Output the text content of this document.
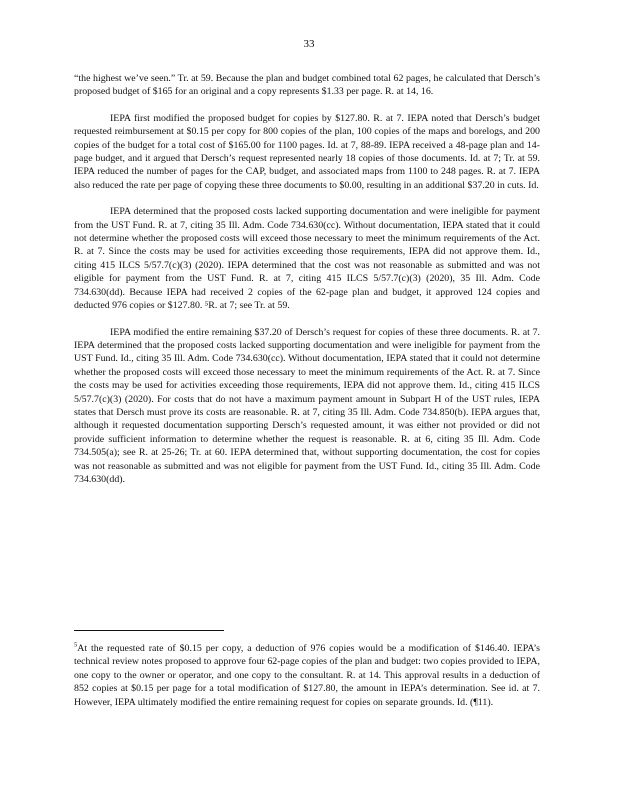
33

“the highest we’ve seen.” Tr. at 59. Because the plan and budget combined total 62 pages, he calculated that Dersch’s proposed budget of $165 for an original and a copy represents $1.33 per page. R. at 14, 16.

IEPA first modified the proposed budget for copies by $127.80. R. at 7. IEPA noted that Dersch’s budget requested reimbursement at $0.15 per copy for 800 copies of the plan, 100 copies of the maps and borelogs, and 200 copies of the budget for a total cost of $165.00 for 1100 pages. Id. at 7, 88-89. IEPA received a 48-page plan and 14-page budget, and it argued that Dersch’s request represented nearly 18 copies of those documents. Id. at 7; Tr. at 59. IEPA reduced the number of pages for the CAP, budget, and associated maps from 1100 to 248 pages. R. at 7. IEPA also reduced the rate per page of copying these three documents to $0.00, resulting in an additional $37.20 in cuts. Id.

IEPA determined that the proposed costs lacked supporting documentation and were ineligible for payment from the UST Fund. R. at 7, citing 35 Ill. Adm. Code 734.630(cc). Without documentation, IEPA stated that it could not determine whether the proposed costs will exceed those necessary to meet the minimum requirements of the Act. R. at 7. Since the costs may be used for activities exceeding those requirements, IEPA did not approve them. Id., citing 415 ILCS 5/57.7(c)(3) (2020). IEPA determined that the cost was not reasonable as submitted and was not eligible for payment from the UST Fund. R. at 7, citing 415 ILCS 5/57.7(c)(3) (2020), 35 Ill. Adm. Code 734.630(dd). Because IEPA had received 2 copies of the 62-page plan and budget, it approved 124 copies and deducted 976 copies or $127.80. ⁵R. at 7; see Tr. at 59.

IEPA modified the entire remaining $37.20 of Dersch’s request for copies of these three documents. R. at 7. IEPA determined that the proposed costs lacked supporting documentation and were ineligible for payment from the UST Fund. Id., citing 35 Ill. Adm. Code 734.630(cc). Without documentation, IEPA stated that it could not determine whether the proposed costs will exceed those necessary to meet the minimum requirements of the Act. R. at 7. Since the costs may be used for activities exceeding those requirements, IEPA did not approve them. Id., citing 415 ILCS 5/57.7(c)(3) (2020). For costs that do not have a maximum payment amount in Subpart H of the UST rules, IEPA states that Dersch must prove its costs are reasonable. R. at 7, citing 35 Ill. Adm. Code 734.850(b). IEPA argues that, although it requested documentation supporting Dersch’s requested amount, it was either not provided or did not provide sufficient information to determine whether the request is reasonable. R. at 6, citing 35 Ill. Adm. Code 734.505(a); see R. at 25-26; Tr. at 60. IEPA determined that, without supporting documentation, the cost for copies was not reasonable as submitted and was not eligible for payment from the UST Fund. Id., citing 35 Ill. Adm. Code 734.630(dd).

$^5$At the requested rate of $0.15 per copy, a deduction of 976 copies would be a modification of $146.40. IEPA’s technical review notes proposed to approve four 62-page copies of the plan and budget: two copies provided to IEPA, one copy to the owner or operator, and one copy to the consultant. R. at 14. This approval results in a deduction of 852 copies at $0.15 per page for a total modification of $127.80, the amount in IEPA’s determination. See id. at 7. However, IEPA ultimately modified the entire remaining request for copies on separate grounds. Id. (¶11).
